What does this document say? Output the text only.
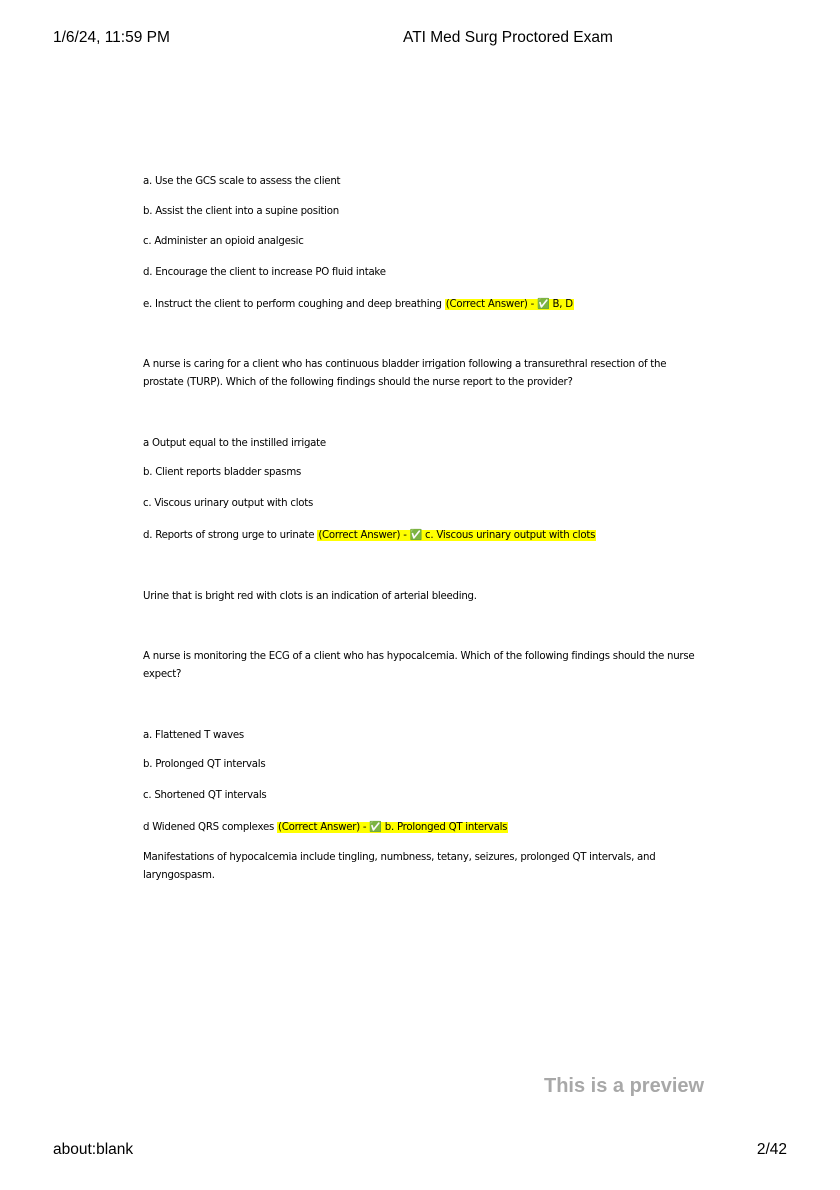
1/6/24, 11:59 PM	ATI Med Surg Proctored Exam
a. Use the GCS scale to assess the client
b. Assist the client into a supine position
c. Administer an opioid analgesic
d. Encourage the client to increase PO fluid intake
e. Instruct the client to perform coughing and deep breathing (Correct Answer) - ✅ B, D
A nurse is caring for a client who has continuous bladder irrigation following a transurethral resection of the prostate (TURP). Which of the following findings should the nurse report to the provider?
a Output equal to the instilled irrigate
b. Client reports bladder spasms
c. Viscous urinary output with clots
d. Reports of strong urge to urinate (Correct Answer) - ✅ c. Viscous urinary output with clots
Urine that is bright red with clots is an indication of arterial bleeding.
A nurse is monitoring the ECG of a client who has hypocalcemia. Which of the following findings should the nurse expect?
a. Flattened T waves
b. Prolonged QT intervals
c. Shortened QT intervals
d Widened QRS complexes (Correct Answer) - ✅ b. Prolonged QT intervals
Manifestations of hypocalcemia include tingling, numbness, tetany, seizures, prolonged QT intervals, and laryngospasm.
This is a preview
about:blank	2/42
